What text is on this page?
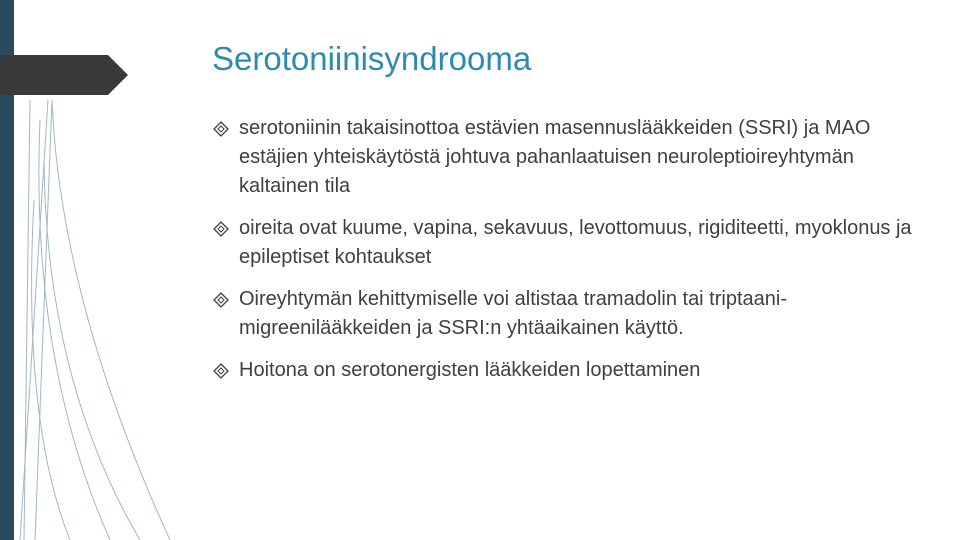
Serotoniinisyndrooma
serotoniinin takaisinottoa estävien masennuslääkkeiden (SSRI) ja MAO estäjien yhteiskäytöstä johtuva pahanlaatuisen neuroleptioireyhtymän kaltainen tila
oireita ovat kuume, vapina, sekavuus, levottomuus, rigiditeetti, myoklonus ja epileptiset kohtaukset
Oireyhtymän kehittymiselle voi altistaa tramadolin tai triptaani-migreenilääkkeiden ja SSRI:n yhtäaikainen käyttö.
Hoitona on serotonergisten lääkkeiden lopettaminen
